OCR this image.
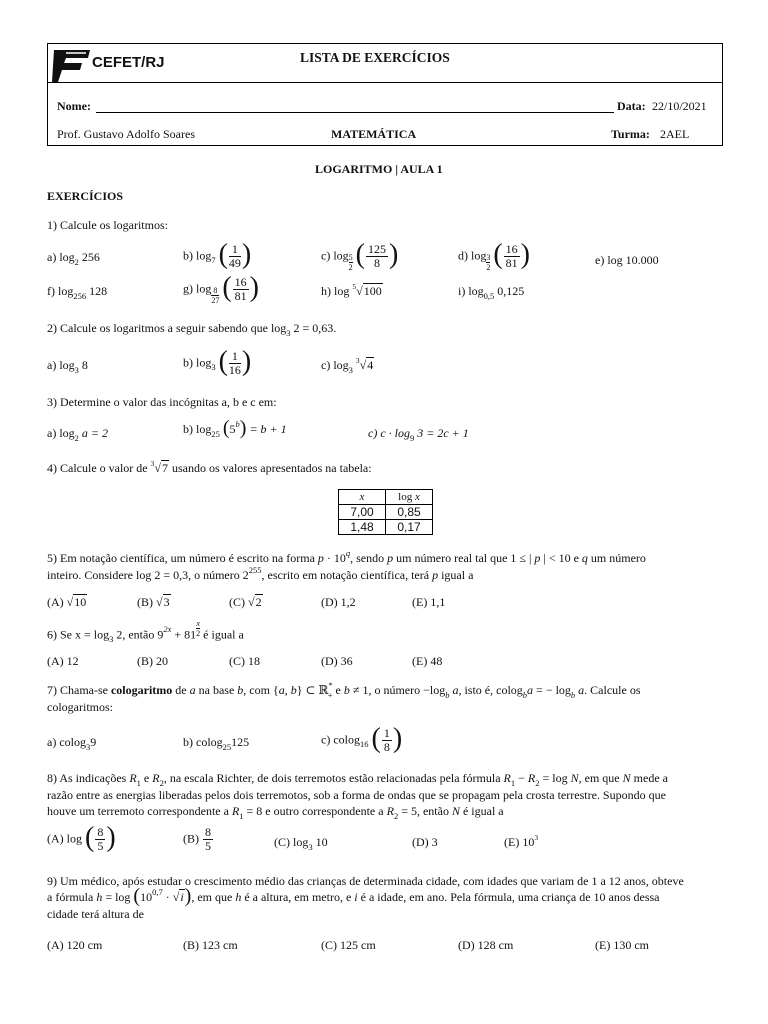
CEFET/RJ	LISTA DE EXERCÍCIOS
Nome:	Data: 22/10/2021
Prof. Gustavo Adolfo Soares	MATEMÁTICA	Turma: 2AEL
LOGARITMO | AULA 1
EXERCÍCIOS
1) Calcule os logaritmos:
a) $\log_2 256$	b) $\log_7$ ( $\frac{1}{49}$ )	c) $\log \frac{5}{2}$ ( $\frac{125}{8}$ )	d) $\log \frac{3}{2}$ ( $\frac{16}{81}$ )	e) log 10.000
f) $\log_{256} 128$	g) $\log \frac{8}{27}$ ( $\frac{16}{81}$ )	h) log $^5$√100	i) $\log_{0,5} 0,125$
2) Calcule os logaritmos a seguir sabendo que $\log_3 2 = 0,63$.
a) $\log_3 8$	b) $\log_3$ ( $\frac{1}{16}$ )	c) $\log_3 ^3√4$
3) Determine o valor das incógnitas a, b e c em:
a) $\log_2 a = 2$	b) $\log_{25} (5^b) = b + 1$	c) $c \cdot \log_9 3 = 2c + 1$
4) Calcule o valor de $^3$√7 usando os valores apresentados na tabela:
x	log x
7,00	0,85
1,48	0,17
5) Em notação científica, um número é escrito na forma $p \cdot 10^q$, sendo p um número real tal que 1 ≤ | p | < 10 e q um número
inteiro. Considere log 2 = 0,3, o número $2^{255}$, escrito em notação científica, terá p igual a
(A) √10	(B) √3	(C) √2	(D) 1,2	(E) 1,1
6) Se $x = \log_3 2$, então $9^{2x} + 81 \frac{x}{2}$ é igual a
(A) 12	(B) 20	(C) 18	(D) 36	(E) 48
7) Chama-se cologaritmo de a na base b, com {a, b} ⊂ ℝ*$_+$ e b ≠ 1, o número $-\log_b$ a, isto é, colog$_b$a = − $\log_b a$. Calcule os
cologaritmos:
a) colog$_3$9	b) colog$_{25}$125	c) colog$_{16}$ ( $\frac{1}{8}$ )
8) As indicações $R_1$ e $R_2$, na escala Richter, de dois terremotos estão relacionadas pela fórmula $R_1 - R_2 = \log N$, em que N mede a
razão entre as energias liberadas pelos dois terremotos, sob a forma de ondas que se propagam pela crosta terrestre. Supondo que
houve um terremoto correspondente a $R_1 = 8$ e outro correspondente a $R_2 = 5$, então N é igual a
(A) log ( $\frac{8}{5}$ )	$(B) \frac{8}{5}$	(C) $\log_3 10$	(D) 3	(E) $10^3$
9) Um médico, após estudar o crescimento médio das crianças de determinada cidade, com idades que variam de 1 a 12 anos, obteve
a fórmula $h = \log (10^{0,7} \cdot √i)$, em que h é a altura, em metro, e i é a idade, em ano. Pela fórmula, uma criança de 10 anos dessa
cidade terá altura de
(A) 120 cm	(B) 123 cm	(C) 125 cm	(D) 128 cm	(E) 130 cm
